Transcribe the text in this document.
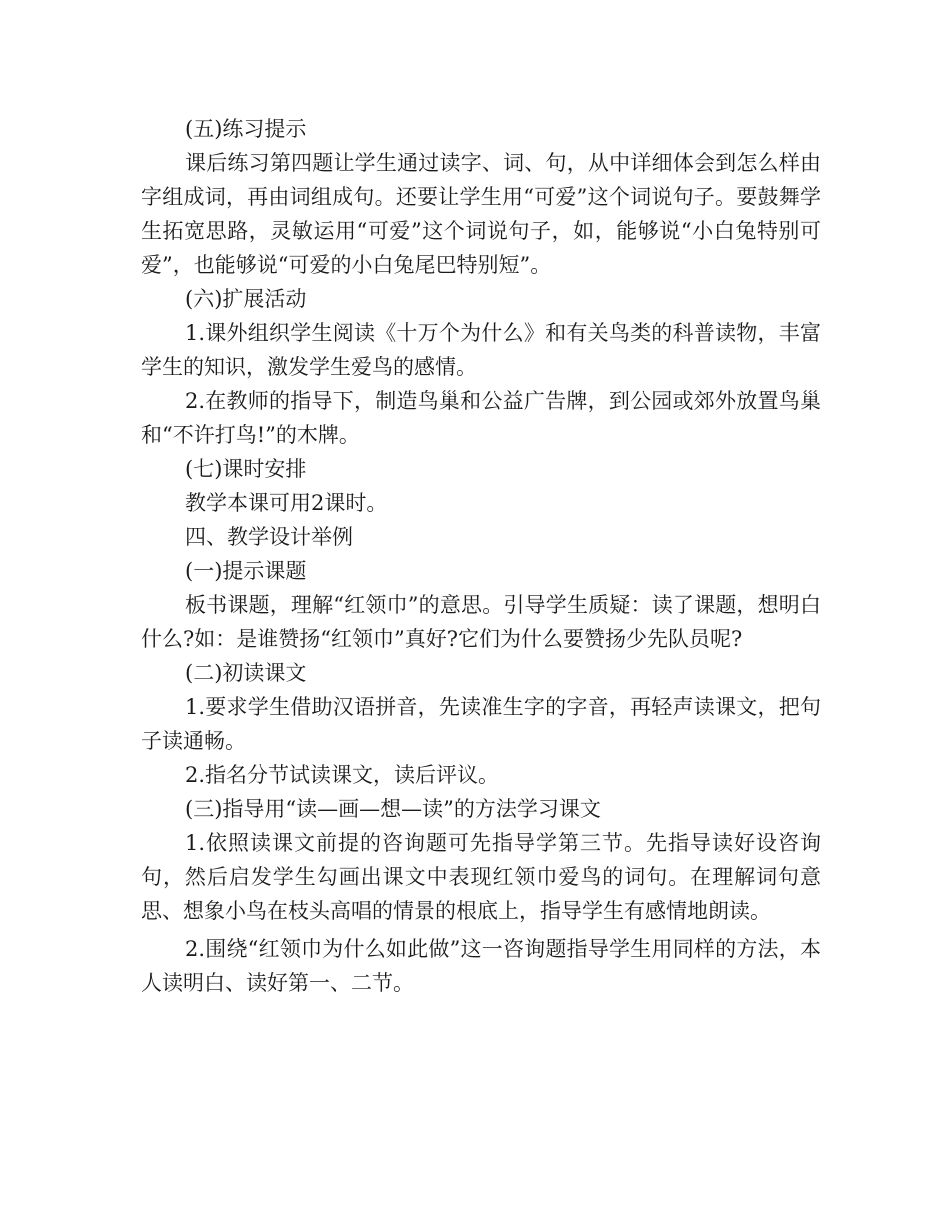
(五)练习提示

课后练习第四题让学生通过读字、词、句，从中详细体会到怎么样由字组成词，再由词组成句。还要让学生用“可爱”这个词说句子。要鼓舞学生拓宽思路，灵敏运用“可爱”这个词说句子，如，能够说“小白兔特别可爱”，也能够说“可爱的小白兔尾巴特别短”。

(六)扩展活动

1.课外组织学生阅读《十万个为什么》和有关鸟类的科普读物，丰富学生的知识，激发学生爱鸟的感情。

2.在教师的指导下，制造鸟巢和公益广告牌，到公园或郊外放置鸟巢和“不许打鸟!”的木牌。

(七)课时安排

教学本课可用2课时。

四、教学设计举例

(一)提示课题

板书课题，理解“红领巾”的意思。引导学生质疑：读了课题，想明白什么?如：是谁赞扬“红领巾”真好?它们为什么要赞扬少先队员呢?

(二)初读课文

1.要求学生借助汉语拼音，先读准生字的字音，再轻声读课文，把句子读通畅。

2.指名分节试读课文，读后评议。

(三)指导用“读—画—想—读”的方法学习课文

1.依照读课文前提的咨询题可先指导学第三节。先指导读好设咨询句，然后启发学生勾画出课文中表现红领巾爱鸟的词句。在理解词句意思、想象小鸟在枝头高唱的情景的根底上，指导学生有感情地朗读。

2.围绕“红领巾为什么如此做”这一咨询题指导学生用同样的方法，本人读明白、读好第一、二节。
